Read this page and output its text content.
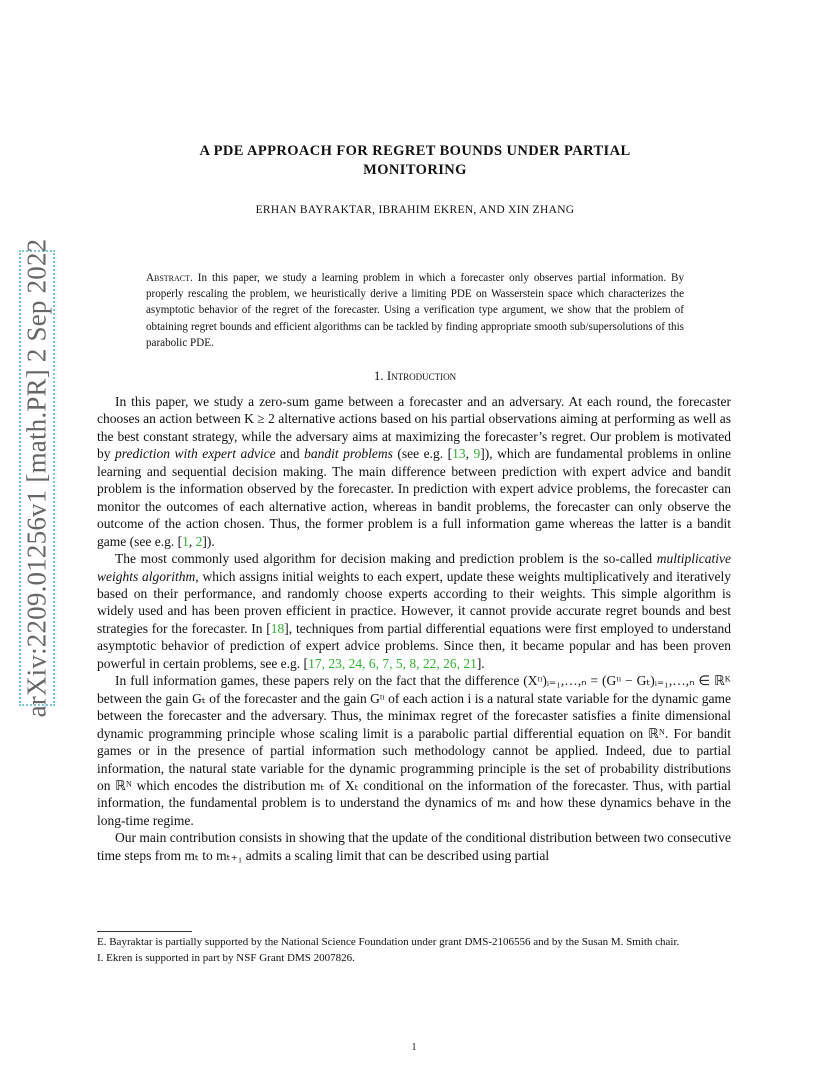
arXiv:2209.01256v1 [math.PR] 2 Sep 2022
A PDE APPROACH FOR REGRET BOUNDS UNDER PARTIAL
MONITORING
ERHAN BAYRAKTAR, IBRAHIM EKREN, AND XIN ZHANG
Abstract. In this paper, we study a learning problem in which a forecaster only observes partial information. By properly rescaling the problem, we heuristically derive a limiting PDE on Wasserstein space which characterizes the asymptotic behavior of the regret of the forecaster. Using a verification type argument, we show that the problem of obtaining regret bounds and efficient algorithms can be tackled by finding appropriate smooth sub/supersolutions of this parabolic PDE.
1. Introduction

In this paper, we study a zero-sum game between a forecaster and an adversary. At each round, the forecaster chooses an action between K ≥ 2 alternative actions based on his partial observations aiming at performing as well as the best constant strategy, while the adversary aims at maximizing the forecaster’s regret. Our problem is motivated by prediction with expert advice and bandit problems (see e.g. [13, 9]), which are fundamental problems in online learning and sequential decision making. The main difference between prediction with expert advice and bandit problem is the information observed by the forecaster. In prediction with expert advice problems, the forecaster can monitor the outcomes of each alternative action, whereas in bandit problems, the forecaster can only observe the outcome of the action chosen. Thus, the former problem is a full information game whereas the latter is a bandit game (see e.g. [1, 2]).

The most commonly used algorithm for decision making and prediction problem is the so-called multiplicative weights algorithm, which assigns initial weights to each expert, update these weights multiplicatively and iteratively based on their performance, and randomly choose experts according to their weights. This simple algorithm is widely used and has been proven efficient in practice. However, it cannot provide accurate regret bounds and best strategies for the forecaster. In [18], techniques from partial differential equations were first employed to understand asymptotic behavior of prediction of expert advice problems. Since then, it became popular and has been proven powerful in certain problems, see e.g. [17, 23, 24, 6, 7, 5, 8, 22, 26, 21].

In full information games, these papers rely on the fact that the difference (Xᵗᶦ)ᵢ₌₁,…,ₙ = (Gᵗᶦ − Gₜ)ᵢ₌₁,…,ₙ ∈ ℝᴷ between the gain Gₜ of the forecaster and the gain Gᵗᶦ of each action i is a natural state variable for the dynamic game between the forecaster and the adversary. Thus, the minimax regret of the forecaster satisfies a finite dimensional dynamic programming principle whose scaling limit is a parabolic partial differential equation on ℝᴺ. For bandit games or in the presence of partial information such methodology cannot be applied. Indeed, due to partial information, the natural state variable for the dynamic programming principle is the set of probability distributions on ℝᴺ which encodes the distribution mₜ of Xₜ conditional on the information of the forecaster. Thus, with partial information, the fundamental problem is to understand the dynamics of mₜ and how these dynamics behave in the long-time regime.

Our main contribution consists in showing that the update of the conditional distribution between two consecutive time steps from mₜ to mₜ₊₁ admits a scaling limit that can be described using partial

E. Bayraktar is partially supported by the National Science Foundation under grant DMS-2106556 and by the Susan M. Smith chair.

I. Ekren is supported in part by NSF Grant DMS 2007826.

1
